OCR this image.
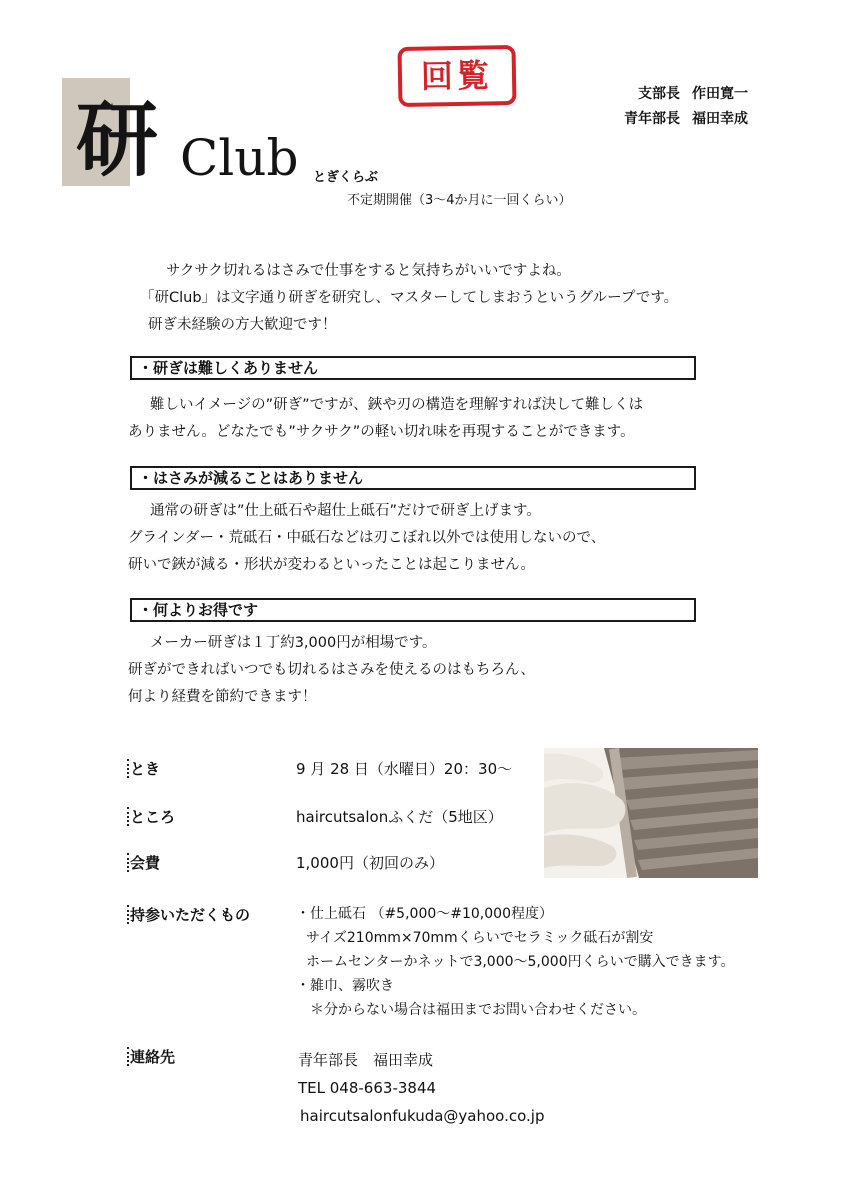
回覧	支部長 作田寛一
青年部長 福田幸成
研 Club とぎくらぶ
不定期開催（3〜4か月に一回くらい）
サクサク切れるはさみで仕事をすると気持ちがいいですよね。
「研Club」は文字通り研ぎを研究し、マスターしてしまおうというグループです。
研ぎ未経験の方大歓迎です！
・研ぎは難しくありません
難しいイメージの”研ぎ”ですが、鋏や刃の構造を理解すれば決して難しくは
ありません。どなたでも”サクサク”の軽い切れ味を再現することができます。
・はさみが減ることはありません
通常の研ぎは”仕上砥石や超仕上砥石”だけで研ぎ上げます。
グラインダー・荒砥石・中砥石などは刃こぼれ以外では使用しないので、
研いで鋏が減る・形状が変わるといったことは起こりません。
・何よりお得です
メーカー研ぎは１丁約3,000円が相場です。
研ぎができればいつでも切れるはさみを使えるのはもちろん、
何より経費を節約できます！
とき	9 月 28 日（水曜日）20：30〜
ところ	haircutsalonふくだ（5地区）
会費	1,000円（初回のみ）
持参いただくもの	・仕上砥石 （#5,000〜#10,000程度）
サイズ210mm×70mmくらいでセラミック砥石が割安
ホームセンターかネットで3,000〜5,000円くらいで購入できます。
・雑巾、霧吹き
＊分からない場合は福田までお問い合わせください。
連絡先	青年部長　福田幸成
TEL 048-663-3844
haircutsalonfukuda@yahoo.co.jp
